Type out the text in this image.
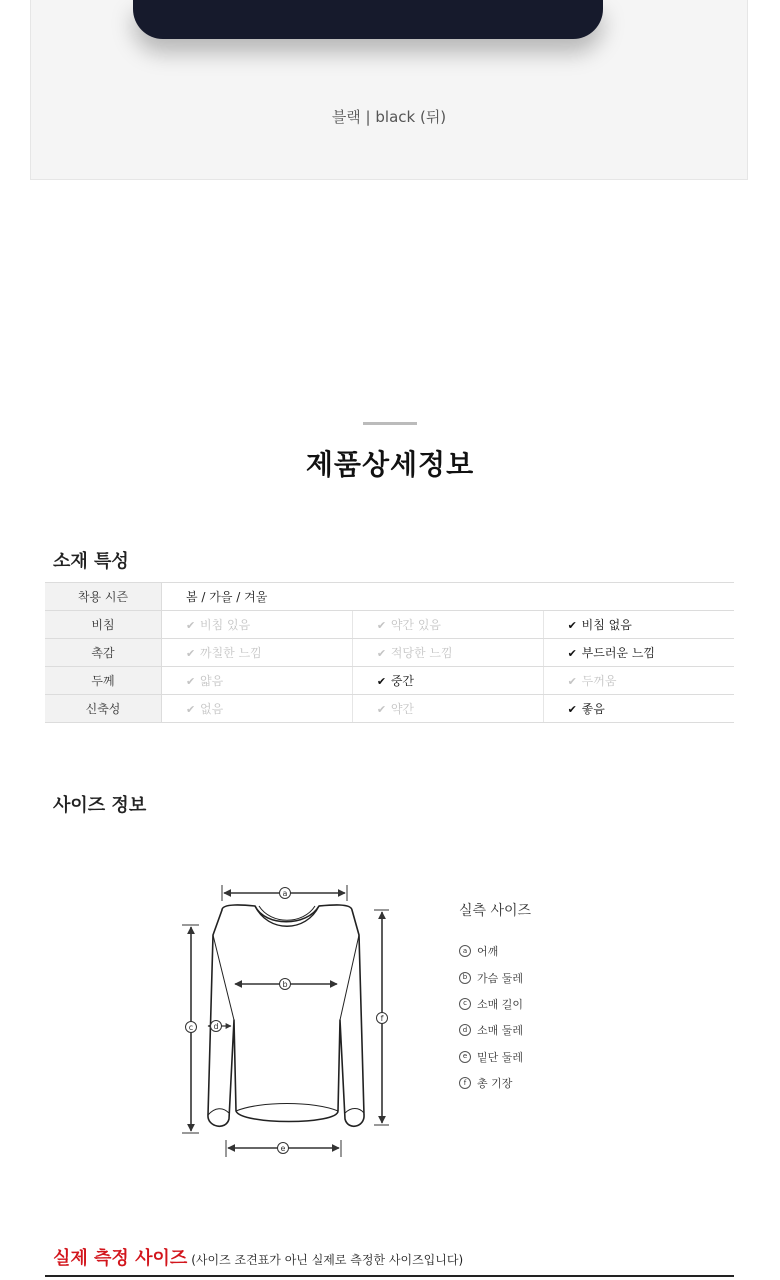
블랙 | black (뒤)
제품상세정보
소재 특성
착용 시즌	봄 / 가을 / 겨울		
비침	✔ 비침 있음	✔ 약간 있음	✔ 비침 없음
촉감	✔ 까칠한 느낌	✔ 적당한 느낌	✔ 부드러운 느낌
두께	✔ 얇음	✔ 중간	✔ 두꺼움
신축성	✔ 없음	✔ 약간	✔ 좋음
사이즈 정보
a
b
c	d
e
f
실측 사이즈
a 어깨
b 가슴 둘레
c 소매 길이
d 소매 둘레
e 밑단 둘레
f 총 기장
실제 측정 사이즈 (사이즈 조견표가 아닌 실제로 측정한 사이즈입니다)
